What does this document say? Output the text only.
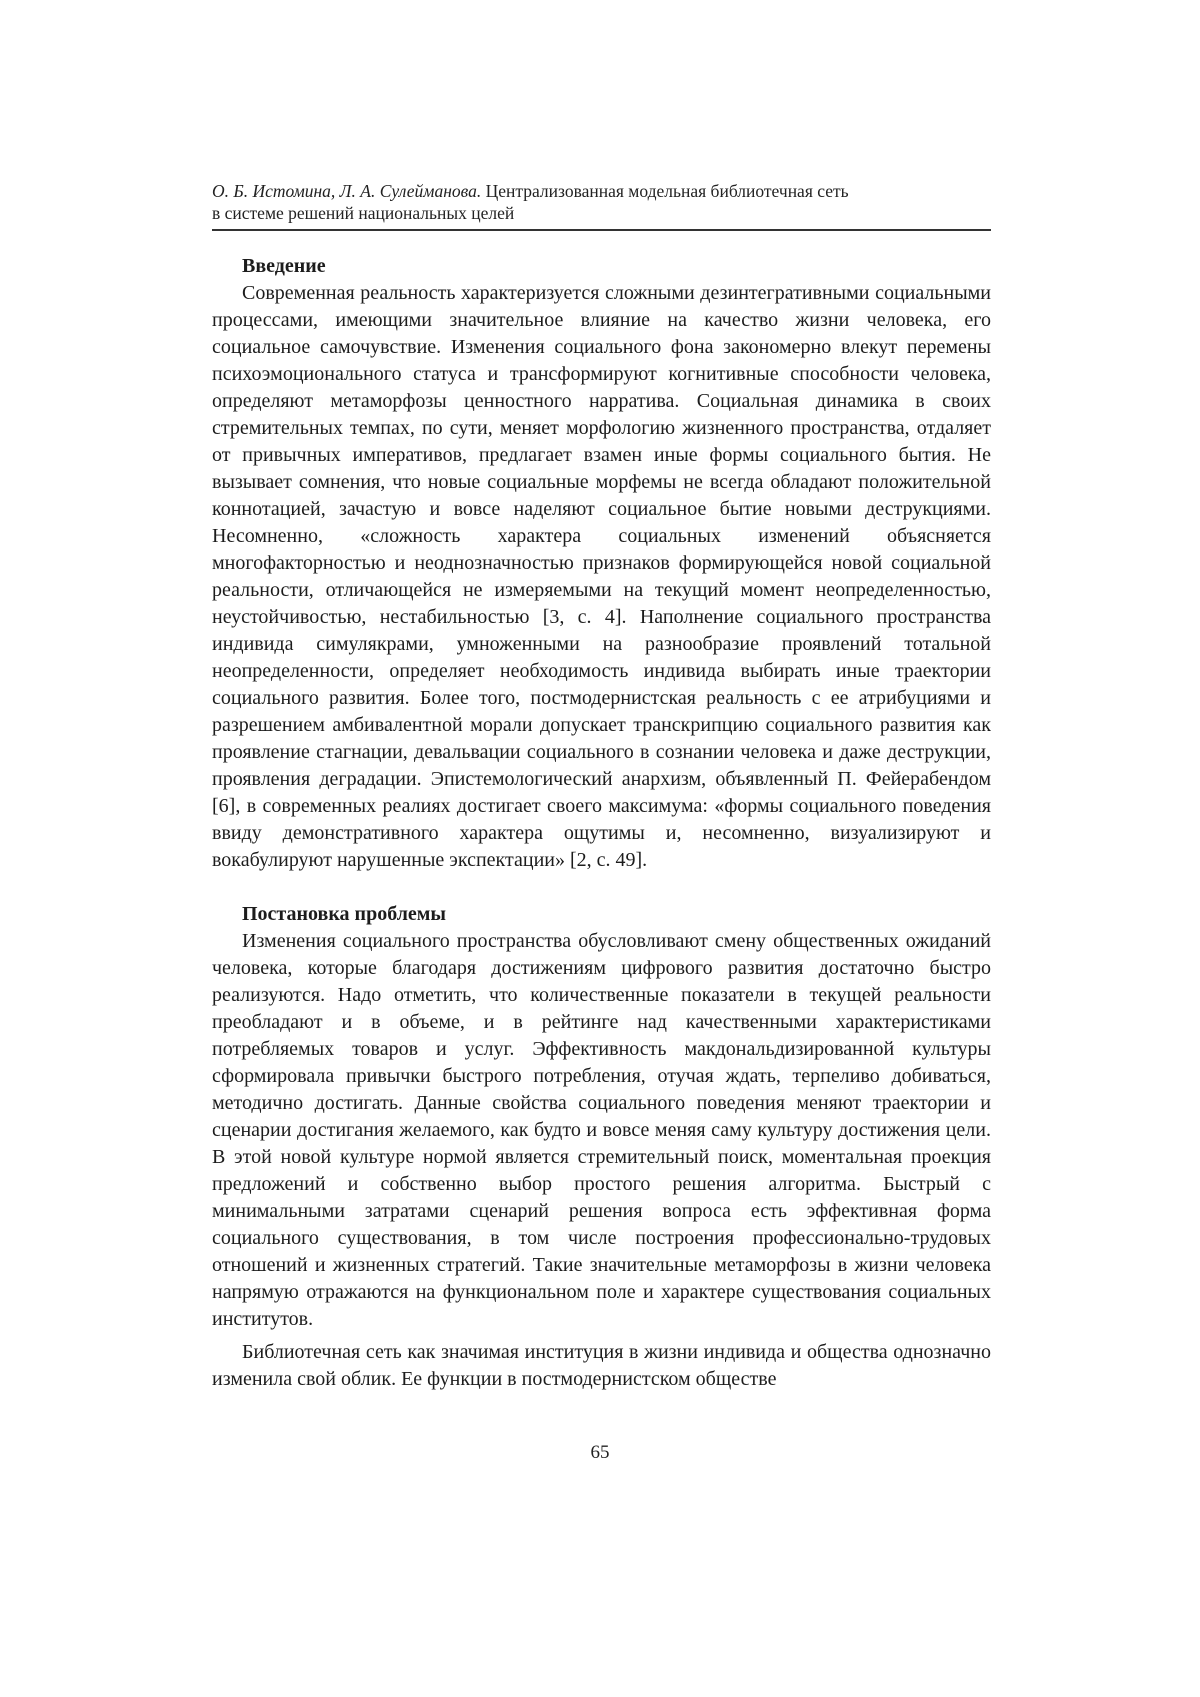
О. Б. Истомина, Л. А. Сулейманова. Централизованная модельная библиотечная сеть
в системе решений национальных целей
Введение

Современная реальность характеризуется сложными дезинтегративными соци­альными процессами, имеющими значительное влияние на качество жизни чело­века, его социальное самочувствие. Изменения социального фона закономерно влекут перемены психоэмоционального статуса и трансформируют когнитивные способности человека, определяют метаморфозы ценностного нарратива. Соци­альная динамика в своих стремительных темпах, по сути, меняет морфологию жизненного пространства, отдаляет от привычных императивов, предлагает взамен иные формы социального бытия. Не вызывает сомнения, что новые социальные морфемы не всегда обладают положительной коннотацией, зачастую и вовсе наде­ляют социальное бытие новыми деструкциями. Несомненно, «сложность харак­тера социальных изменений объясняется многофакторностью и неоднозначностью признаков формирующейся новой социальной реальности, отличающейся не изме­ряемыми на текущий момент неопределенностью, неустойчивостью, нестабиль­ностью [3, с. 4]. Наполнение социального пространства индивида симулякрами, умноженными на разнообразие проявлений тотальной неопределенности, опреде­ляет необходимость индивида выбирать иные траектории социального развития. Более того, постмодернистская реальность с ее атрибуциями и разрешением амби­валентной морали допускает транскрипцию социального развития как проявление стагнации, девальвации социального в сознании человека и даже деструкции, проявления деградации. Эпистемологический анархизм, объявленный П. Фейера­бендом [6], в современных реалиях достигает своего максимума: «формы соци­ального поведения ввиду демонстративного характера ощутимы и, несомненно, визуализируют и вокабулируют нарушенные экспектации» [2, с. 49].

Постановка проблемы

Изменения социального пространства обусловливают смену общественных ожиданий человека, которые благодаря достижениям цифрового развития доста­точно быстро реализуются. Надо отметить, что количественные показатели в текущей реальности преобладают и в объеме, и в рейтинге над качественными характеристиками потребляемых товаров и услуг. Эффективность макдональдизи­рованной культуры сформировала привычки быстрого потребления, отучая ждать, терпеливо добиваться, методично достигать. Данные свойства социального пове­дения меняют траектории и сценарии достигания желаемого, как будто и вовсе меняя саму культуру достижения цели. В этой новой культуре нормой является стремительный поиск, моментальная проекция предложений и собственно выбор простого решения алгоритма. Быстрый с минимальными затратами сценарий решения вопроса есть эффективная форма социального существования, в том числе построения профессионально-трудовых отношений и жизненных стра­тегий. Такие значительные метаморфозы в жизни человека напрямую отражаются на функциональном поле и характере существования социальных институтов.

Библиотечная сеть как значимая институция в жизни индивида и общества однозначно изменила свой облик. Ее функции в постмодернистском обществе

65
